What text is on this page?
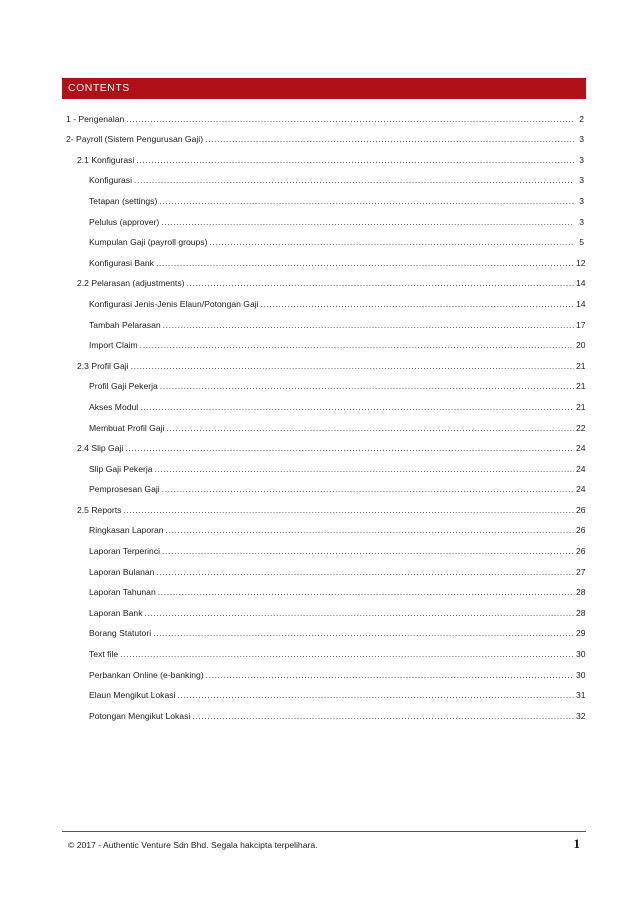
CONTENTS
1 - Pengenalan .....	2
2- Payroll (Sistem Pengurusan Gaji) .....	3
2.1 Konfigurasi .....	3
Konfigurasi .....	3
Tetapan (settings) .....	3
Pelulus (approver) .....	3
Kumpulan Gaji (payroll groups) .....	5
Konfigurasi Bank .....	12
2.2 Pelarasan (adjustments) .....	14
Konfigurasi Jenis-Jenis Elaun/Potongan Gaji .....	14
Tambah Pelarasan .....	17
Import Claim .....	20
2.3 Profil Gaji .....	21
Profil Gaji Pekerja .....	21
Akses Modul .....	21
Membuat Profil Gaji .....	22
2.4 Slip Gaji .....	24
Slip Gaji Pekerja .....	24
Pemprosesan Gaji .....	24
2.5 Reports .....	26
Ringkasan Laporan .....	26
Laporan Terperinci .....	26
Laporan Bulanan .....	27
Laporan Tahunan .....	28
Laporan Bank .....	28
Borang Statutori .....	29
Text file .....	30
Perbankan Online (e-banking) .....	30
Elaun Mengikut Lokasi .....	31
Potongan Mengikut Lokasi .....	32
© 2017 - Authentic Venture Sdn Bhd. Segala hakcipta terpelihara.	1
